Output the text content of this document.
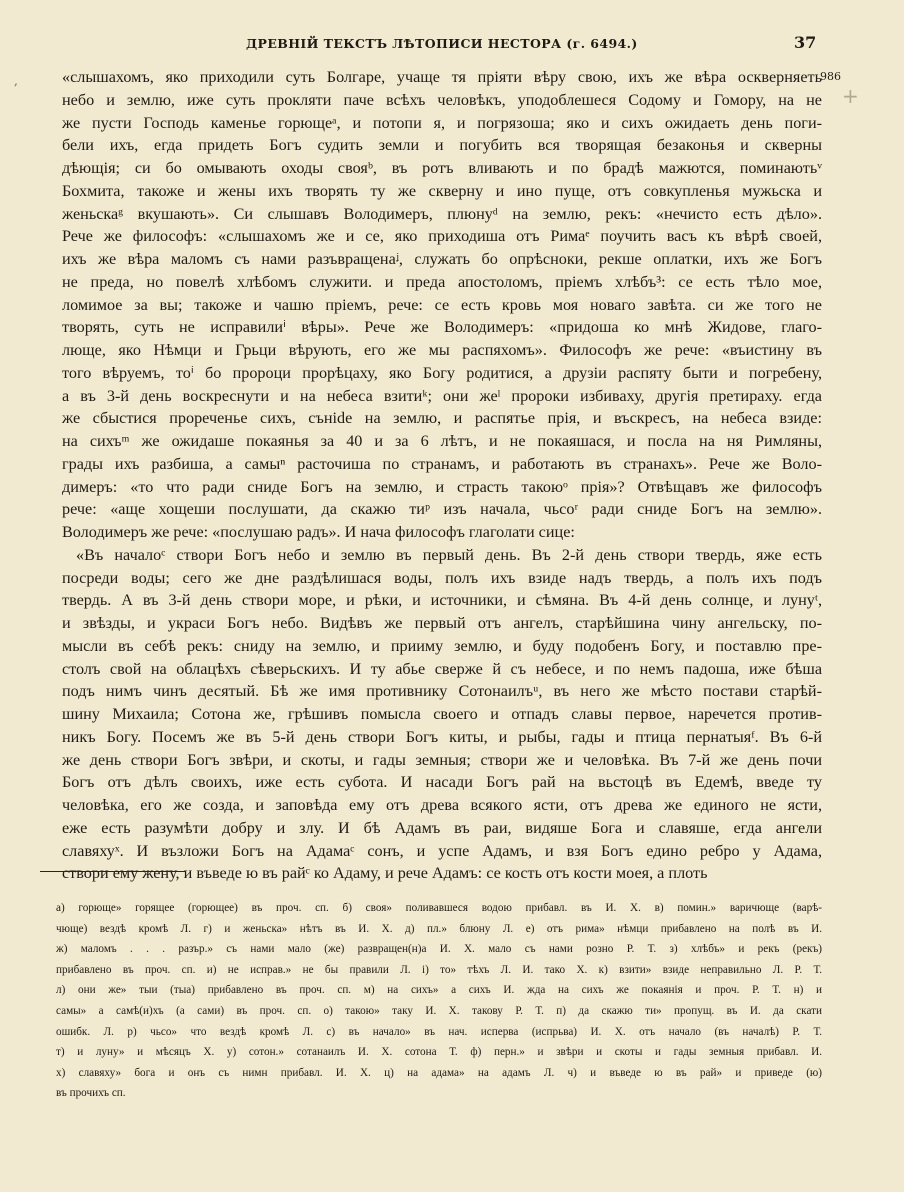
,
ДРЕВНІЙ ТЕКСТЪ ЛѢТОПИСИ НЕСТОРА (г. 6494.)	37
986
+
«слышахомъ, яко приходили суть Болгаре, учаще тя пріяти вѣру свою, ихъ же вѣра оскверняеть
небо и землю, иже суть прокляти паче всѣхъ человѣкъ, уподоблешеся Содому и Гомору, на не
же пусти Господь каменье горющеᵃ, и потопи я, и погрязоша; яко и сихъ ожидаеть день поги-
бели ихъ, егда придеть Богъ судить земли и погубить вся творящая безаконья и скверны
дѣющія; си бо омывають оходы свояᵇ, въ ротъ вливають и по брадѣ мажются, поминаютьᵛ
Бохмита, такоже и жены ихъ творять ту же скверну и ино пуще, отъ совкупленья мужьска и
женьскаᵍ вкушають». Си слышавъ Володимеръ, плюнуᵈ на землю, рекъ: «нечисто есть дѣло».
Рече же философъ: «слышахомъ же и се, яко приходиша отъ Римаᵉ поучить васъ къ вѣрѣ своей,
ихъ же вѣра маломъ съ нами разъвращенаᶨ, служать бо опрѣсноки, рекше оплатки, ихъ же Богъ
не преда, но повелѣ хлѣбомъ служити. и преда апостоломъ, пріемъ хлѣбъ³: се есть тѣло мое,
ломимое за вы; такоже и чашю пріемъ, рече: се есть кровь моя новаго завѣта. си же того не
творять, суть не исправилиⁱ вѣры». Рече же Володимеръ: «придоша ко мнѣ Жидове, глаго-
люще, яко Нѣмци и Грьци вѣрують, его же мы распяхомъ». Философъ же рече: «въистину въ
того вѣруемъ, тоⁱ бо пророци прорѣцаху, яко Богу родитися, а друзіи распяту быти и погребену,
а въ 3-й день воскреснути и на небеса взитиᵏ; они жеˡ пророки избиваху, другія претираху. егда
же сбыстися прореченье сихъ, сънide на землю, и распятье прія, и въскресъ, на небеса взиде:
на сихъᵐ же ожидаше покаянья за 40 и за 6 лѣтъ, и не покаяшася, и посла на ня Римляны,
грады ихъ разбиша, а самыⁿ расточиша по странамъ, и работають въ странахъ». Рече же Воло-
димеръ: «то что ради сниде Богъ на землю, и страсть такоюᵒ прія»? Отвѣщавъ же философъ
рече: «аще хощеши послушати, да скажю тиᵖ изъ начала, чьсоʳ ради сниде Богъ на землю».
Володимеръ же рече: «послушаю радъ». И нача философъ глаголати сице:
«Въ началоᶜ створи Богъ небо и землю въ первый день. Въ 2-й день створи твердь, яже есть
посреди воды; сего же дне раздѣлишася воды, полъ ихъ взиде надъ твердь, а полъ ихъ подъ
твердь. А въ 3-й день створи море, и рѣки, и источники, и сѣмяна. Въ 4-й день солнце, и лунуᵗ,
и звѣзды, и украси Богъ небо. Видѣвъ же первый отъ ангелъ, старѣйшина чину ангельску, по-
мысли въ себѣ рекъ: сниду на землю, и прииму землю, и буду подобенъ Богу, и поставлю пре-
столъ свой на облацѣхъ сѣверьскихъ. И ту абье сверже й съ небесе, и по немъ падоша, иже бѣша
подъ нимъ чинъ десятый. Бѣ же имя противнику Сотонаилъᵘ, въ него же мѣсто постави старѣй-
шину Михаила; Сотона же, грѣшивъ помысла своего и отпадъ славы первое, наречется против-
никъ Богу. Посемъ же въ 5-й день створи Богъ киты, и рыбы, гады и птица пернатыяᶠ. Въ 6-й
же день створи Богъ звѣри, и скоты, и гады земныя; створи же и человѣка. Въ 7-й же день почи
Богъ отъ дѣлъ своихъ, иже есть субота. И насади Богъ рай на вьстоцѣ въ Едемѣ, введе ту
человѣка, его же созда, и заповѣда ему отъ древа всякого ясти, отъ древа же единого не ясти,
еже есть разумѣти добру и злу. И бѣ Адамъ въ раи, видяше Бога и славяше, егда ангели
славяхуˣ. И възложи Богъ на Адамаᶜ сонъ, и успе Адамъ, и взя Богъ едино ребро у Адама,
створи ему жену, и въведе ю въ райᶜ ко Адаму, и рече Адамъ: се кость отъ кости моея, а плоть
а) горюще» горящее (горющее) въ проч. сп. б) своя» поливавшеся водою прибавл. въ И. Х. в) помин.» варичюще (варѣ-
чюще) вездѣ кромѣ Л. г) и женьска» нѣтъ въ И. Х. д) пл.» блюну Л. е) отъ рима» нѣмци прибавлено на полѣ въ И.
ж) маломъ . . . разър.» съ нами мало (же) развращен(н)а И. Х. мало съ нами розно Р. Т. з) хлѣбъ» и рекъ (рекъ)
прибавлено въ проч. сп. и) не исправ.» не бы правили Л. і) то» тѣхъ Л. И. тако Х. к) взити» взиде неправильно Л. Р. Т.
л) они же» тыи (тыа) прибавлено въ проч. сп. м) на сихъ» а сихъ И. жда на сихъ же покаянія и проч. Р. Т. н) и
самы» а самѣ(и)хъ (а сами) въ проч. сп. о) такою» таку И. Х. такову Р. Т. п) да скажю ти» пропущ. въ И. да скати
ошибк. Л. р) чьсо» что вездѣ кромѣ Л. с) въ начало» въ нач. исперва (испрьва) И. Х. отъ начало (въ началѣ) Р. Т.
т) и луну» и мѣсяцъ Х. у) сотон.» сотанаилъ И. Х. сотона Т. ф) перн.» и звѣри и скоты и гады земныя прибавл. И.
х) славяху» бога и онъ съ нимн прибавл. И. Х. ц) на адама» на адамъ Л. ч) и въведе ю въ рай» и приведе (ю)
въ прочихъ сп.
